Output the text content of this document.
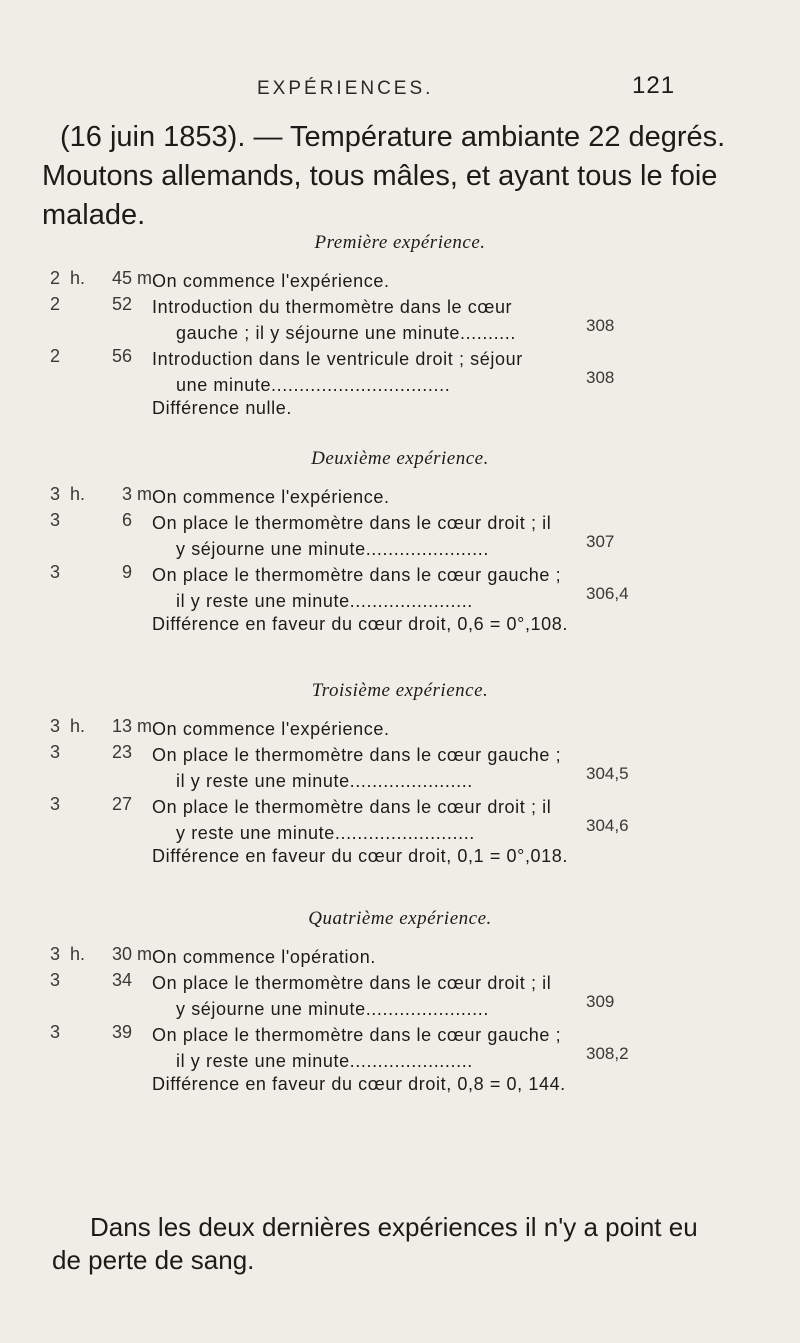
EXPÉRIENCES.	121
(16 juin 1853). — Température ambiante 22 degrés.
Moutons allemands, tous mâles, et ayant tous le foie
malade.
Première expérience.
2 h. 45 m.
On commence l'expérience.
2	52	Introduction du thermomètre dans le cœur
gauche ; il y séjourne une minute..........	308
2	56	Introduction dans le ventricule droit ; séjour
une minute................................	308
Différence nulle.
Deuxième expérience.
3 h. 3 m.
On commence l'expérience.
3	6	On place le thermomètre dans le cœur droit ; il
y séjourne une minute......................	307
3	9	On place le thermomètre dans le cœur gauche ;
il y reste une minute......................	306,4
Différence en faveur du cœur droit, 0,6 = 0°,108.
Troisième expérience.
3 h. 13 m.
On commence l'expérience.
3	23	On place le thermomètre dans le cœur gauche ;
il y reste une minute......................	304,5
3	27	On place le thermomètre dans le cœur droit ; il
y reste une minute.........................	304,6
Différence en faveur du cœur droit, 0,1 = 0°,018.
Quatrième expérience.
3 h. 30 m.
On commence l'opération.
3	34	On place le thermomètre dans le cœur droit ; il
y séjourne une minute......................	309
3	39	On place le thermomètre dans le cœur gauche ;
il y reste une minute......................	308,2
Différence en faveur du cœur droit, 0,8 = 0, 144.
Dans les deux dernières expériences il n'y a point eu
de perte de sang.
